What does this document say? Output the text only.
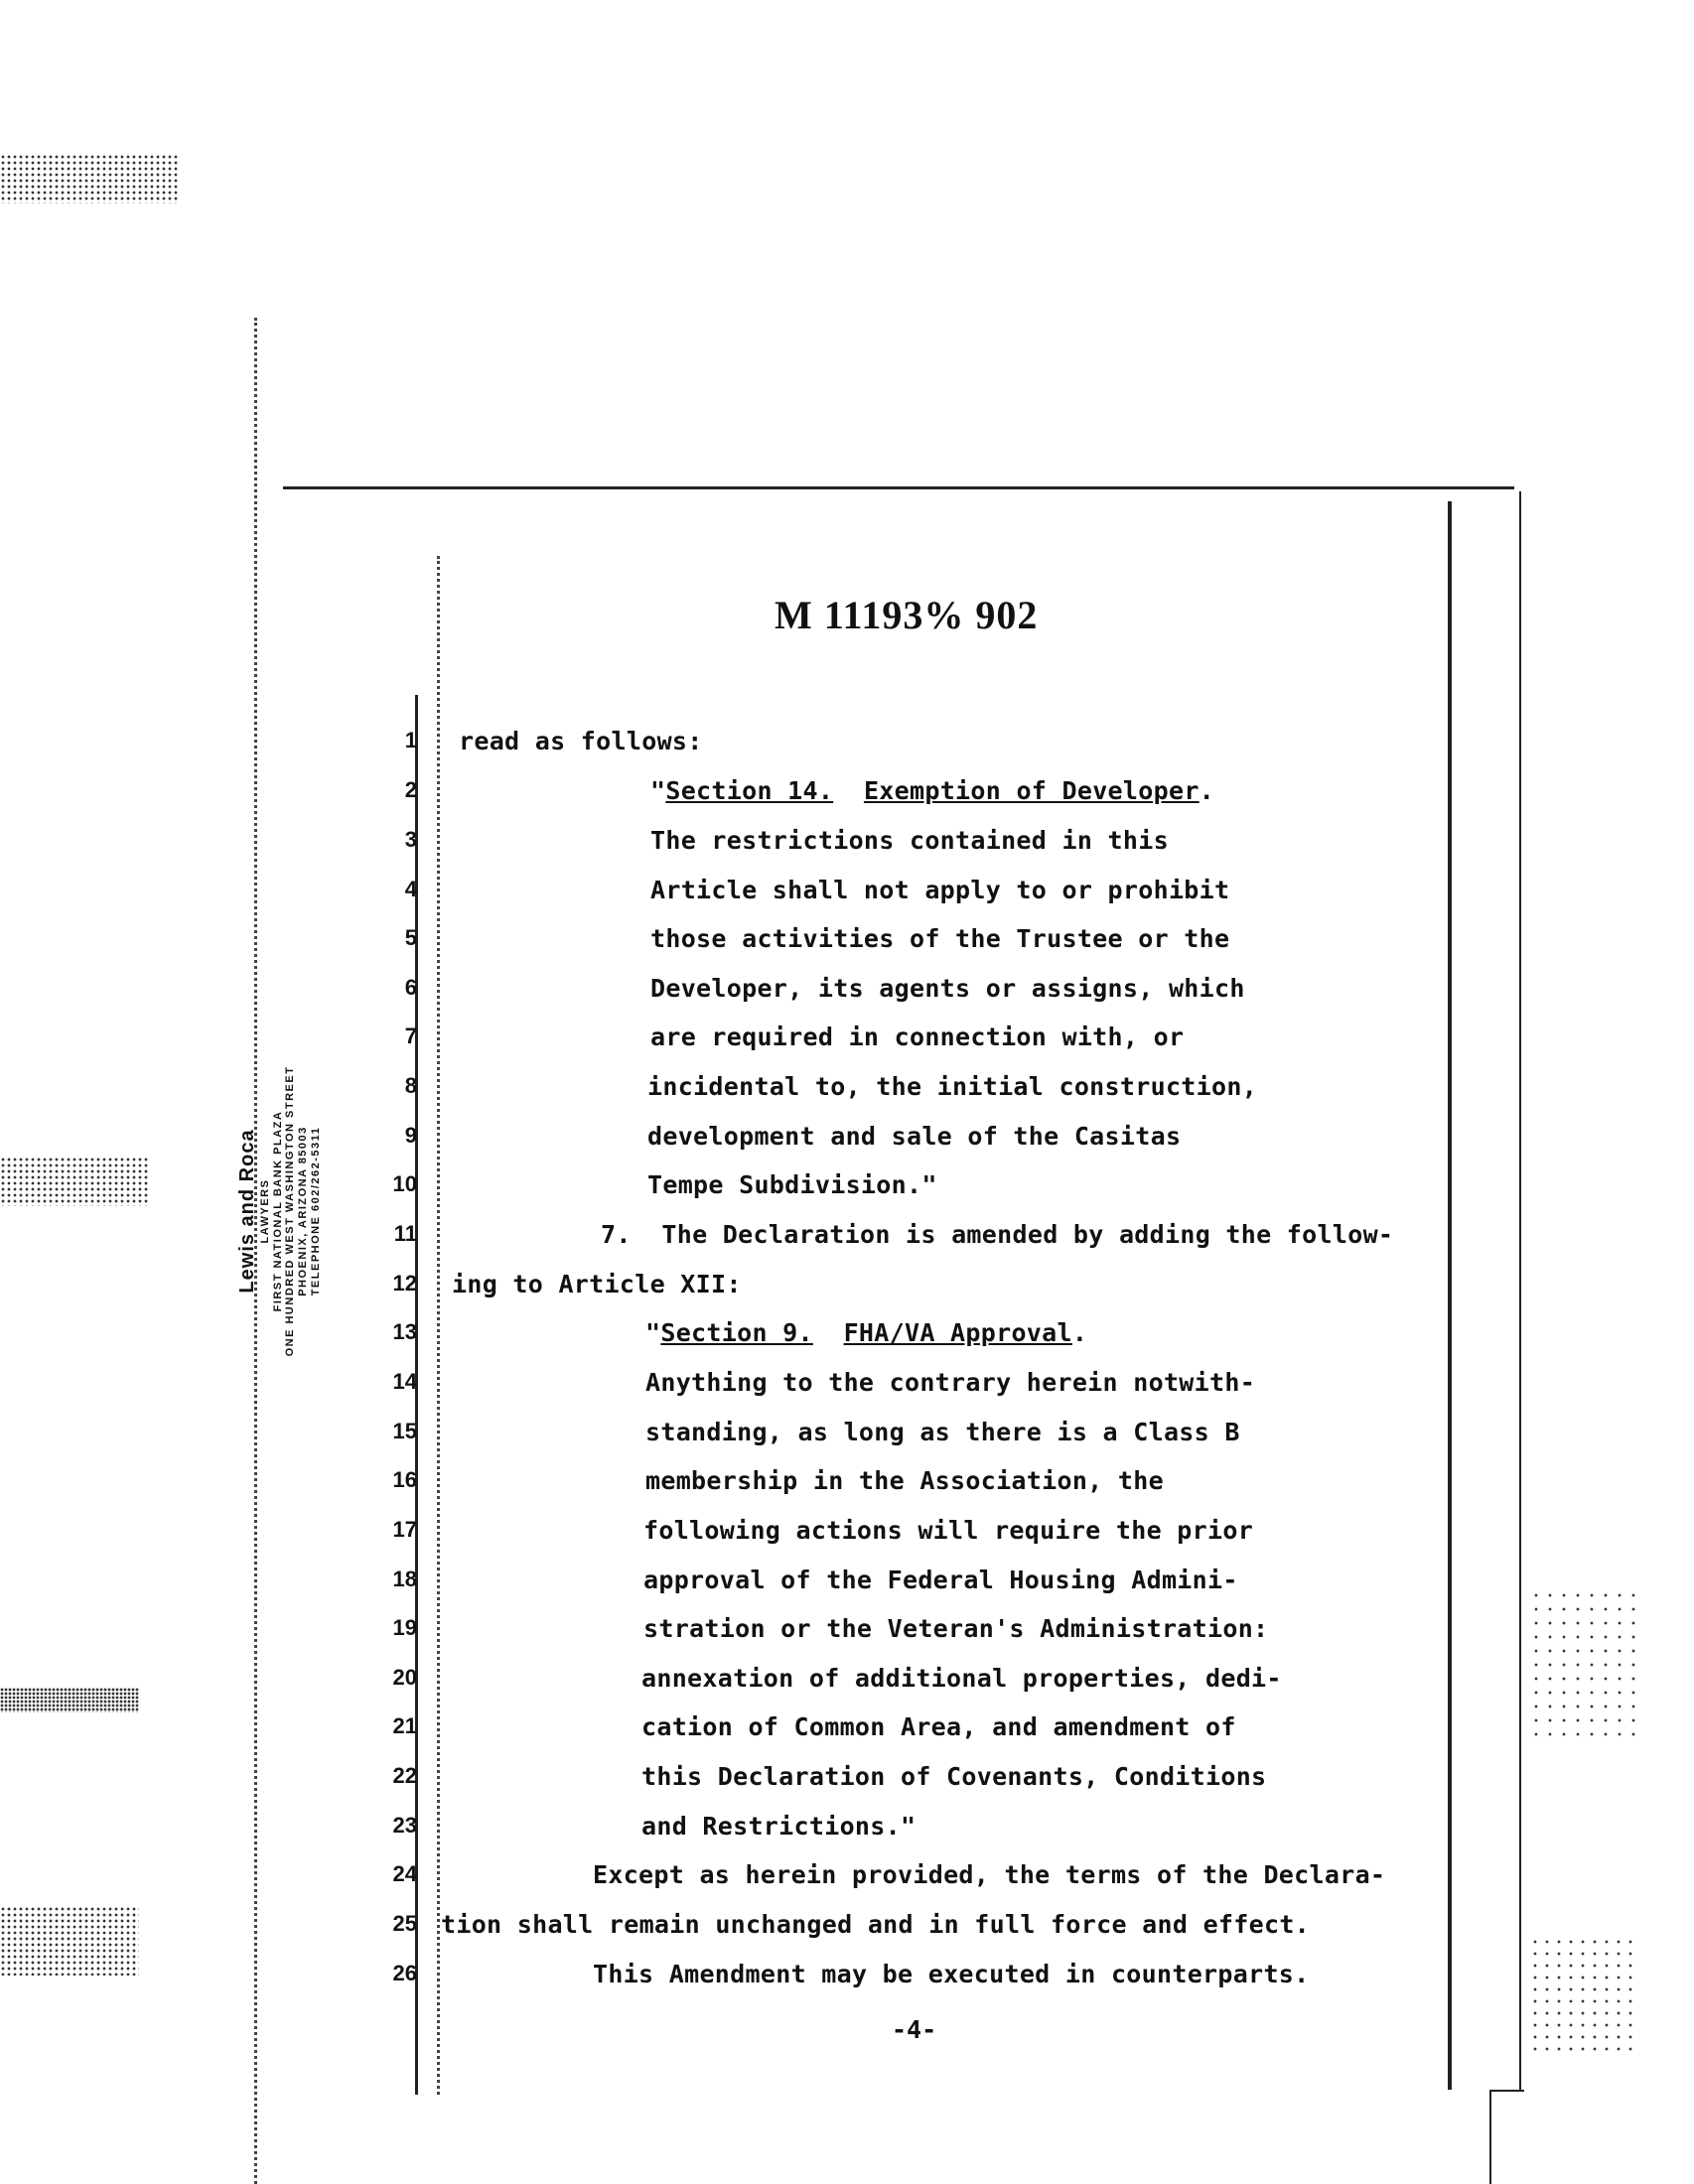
M 11193% 902
Lewis and Roca LAWYERS FIRST NATIONAL BANK PLAZA ONE HUNDRED WEST WASHINGTON STREET PHOENIX, ARIZONA 85003 TELEPHONE 602/262-5311
1
2
3
4
5
6
7
8
9
10
11
12
13
14
15
16
17
18
19
20
21
22
23
24
25
26
read as follows:
"Section 14. Exemption of Developer.
The restrictions contained in this
Article shall not apply to or prohibit
those activities of the Trustee or the
Developer, its agents or assigns, which
are required in connection with, or
incidental to, the initial construction,
development and sale of the Casitas
Tempe Subdivision."
7. The Declaration is amended by adding the follow-
ing to Article XII:
"Section 9. FHA/VA Approval.
Anything to the contrary herein notwith-
standing, as long as there is a Class B
membership in the Association, the
following actions will require the prior
approval of the Federal Housing Admini-
stration or the Veteran's Administration:
annexation of additional properties, dedi-
cation of Common Area, and amendment of
this Declaration of Covenants, Conditions
and Restrictions."
Except as herein provided, the terms of the Declara-
tion shall remain unchanged and in full force and effect.
This Amendment may be executed in counterparts.
-4-
